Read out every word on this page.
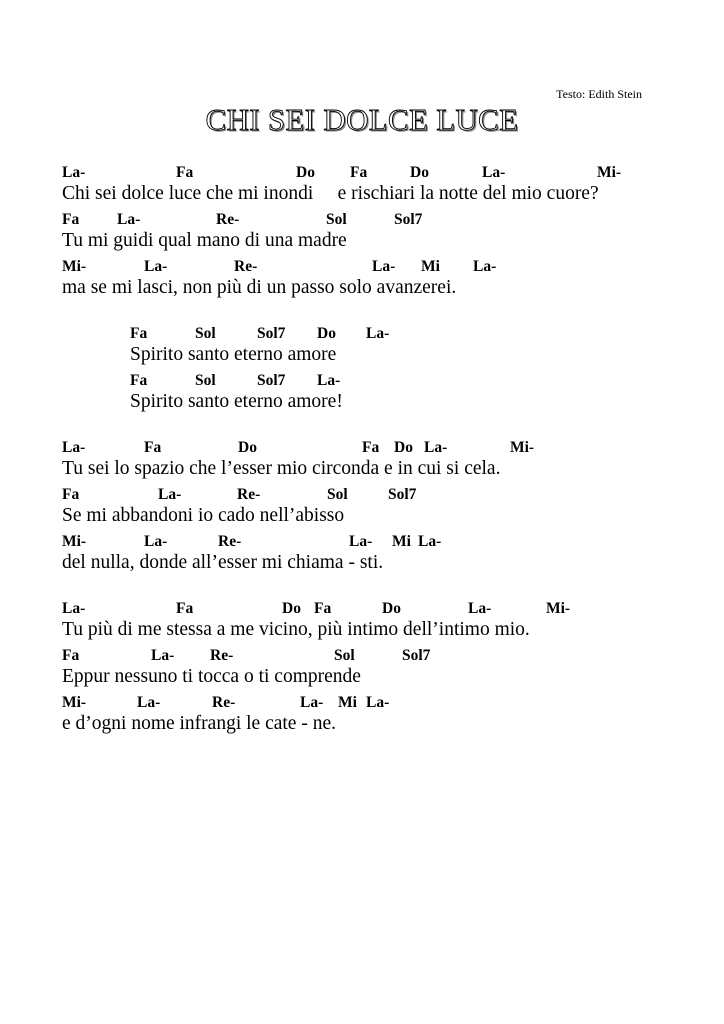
Testo: Edith Stein
CHI SEI DOLCE LUCE
La-	Fa	Do Fa	Do	La-	Mi-
Chi sei dolce luce che mi inondi     e rischiari la notte del mio cuore?
Fa La-	Re-	Sol	Sol7
Tu mi guidi qual mano di una madre
Mi-	La-	Re-	La- Mi La-
ma se mi lasci, non più di un passo solo avanzerei.
Fa	Sol	Sol7 Do La-
Spirito santo eterno amore
Fa	Sol	Sol7 La-
Spirito santo eterno amore!
La-	Fa	Do	Fa Do La-	Mi-
Tu sei lo spazio che l’esser mio circonda e in cui si cela.
Fa	La-	Re-	Sol	Sol7
Se mi abbandoni io cado nell’abisso
Mi-	La-	Re-	La- Mi La-
del nulla, donde all’esser mi chiama - sti.
La-	Fa	Do Fa	Do	La-	Mi-
Tu più di me stessa a me vicino, più intimo dell’intimo mio.
Fa	La- Re-	Sol	Sol7
Eppur nessuno ti tocca o ti comprende
Mi-	La-	Re-	La- Mi La-
e d’ogni nome infrangi le cate - ne.
